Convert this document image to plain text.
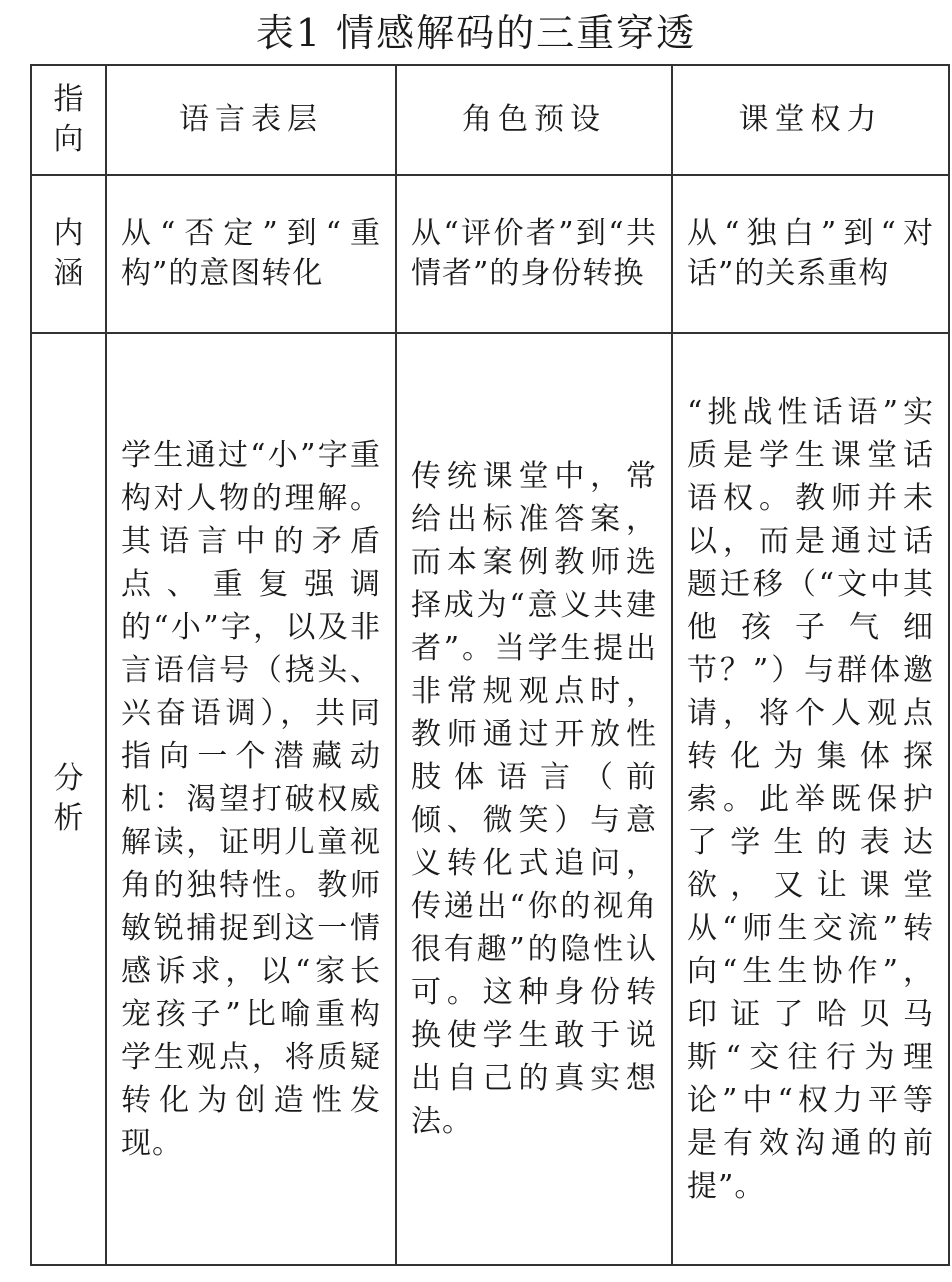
表1 情感解码的三重穿透
指向	语言表层	角色预设	课堂权力

内涵	从“否定”到“重构”的意图转化	从“评价者”到“共情者”的身份转换	从“独白”到“对话”的关系重构

分析	学生通过“小”字重构对人物的理解。其语言中的矛盾点、重复强调的“小”字，以及非言语信号（挠头、兴奋语调），共同指向一个潜藏动机：渴望打破权威解读，证明儿童视角的独特性。教师敏锐捕捉到这一情感诉求，以“家长宠孩子”比喻重构学生观点，将质疑转化为创造性发现。	传统课堂中，常给出标准答案，而本案例教师选择成为“意义共建者”。当学生提出非常规观点时，教师通过开放性肢体语言（前倾、微笑）与意义转化式追问，传递出“你的视角很有趣”的隐性认可。这种身份转换使学生敢于说出自己的真实想法。	“挑战性话语”实质是学生课堂话语权。教师并未以，而是通过话题迁移（“文中其他孩子气细节？”）与群体邀请，将个人观点转化为集体探索。此举既保护了学生的表达欲，又让课堂从“师生交流”转向“生生协作”，印证了哈贝马斯“交往行为理论”中“权力平等是有效沟通的前提”。
